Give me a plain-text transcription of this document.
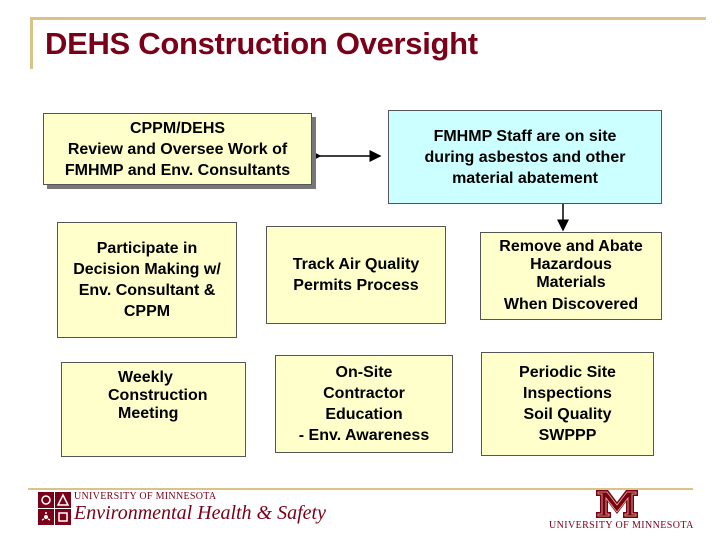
DEHS Construction Oversight
CPPM/DEHS
Review and Oversee Work of
FMHMP and Env. Consultants
FMHMP Staff are on site
during asbestos and other
material abatement
Participate in
Decision Making w/
Env. Consultant &
CPPM
Track Air Quality
Permits Process
Remove and Abate
Hazardous
Materials
When Discovered
Weekly
Construction
Meeting
On-Site
Contractor
Education
- Env. Awareness
Periodic Site
Inspections
Soil Quality
SWPPP
UNIVERSITY OF MINNESOTA
Environmental Health & Safety
UNIVERSITY OF MINNESOTA
